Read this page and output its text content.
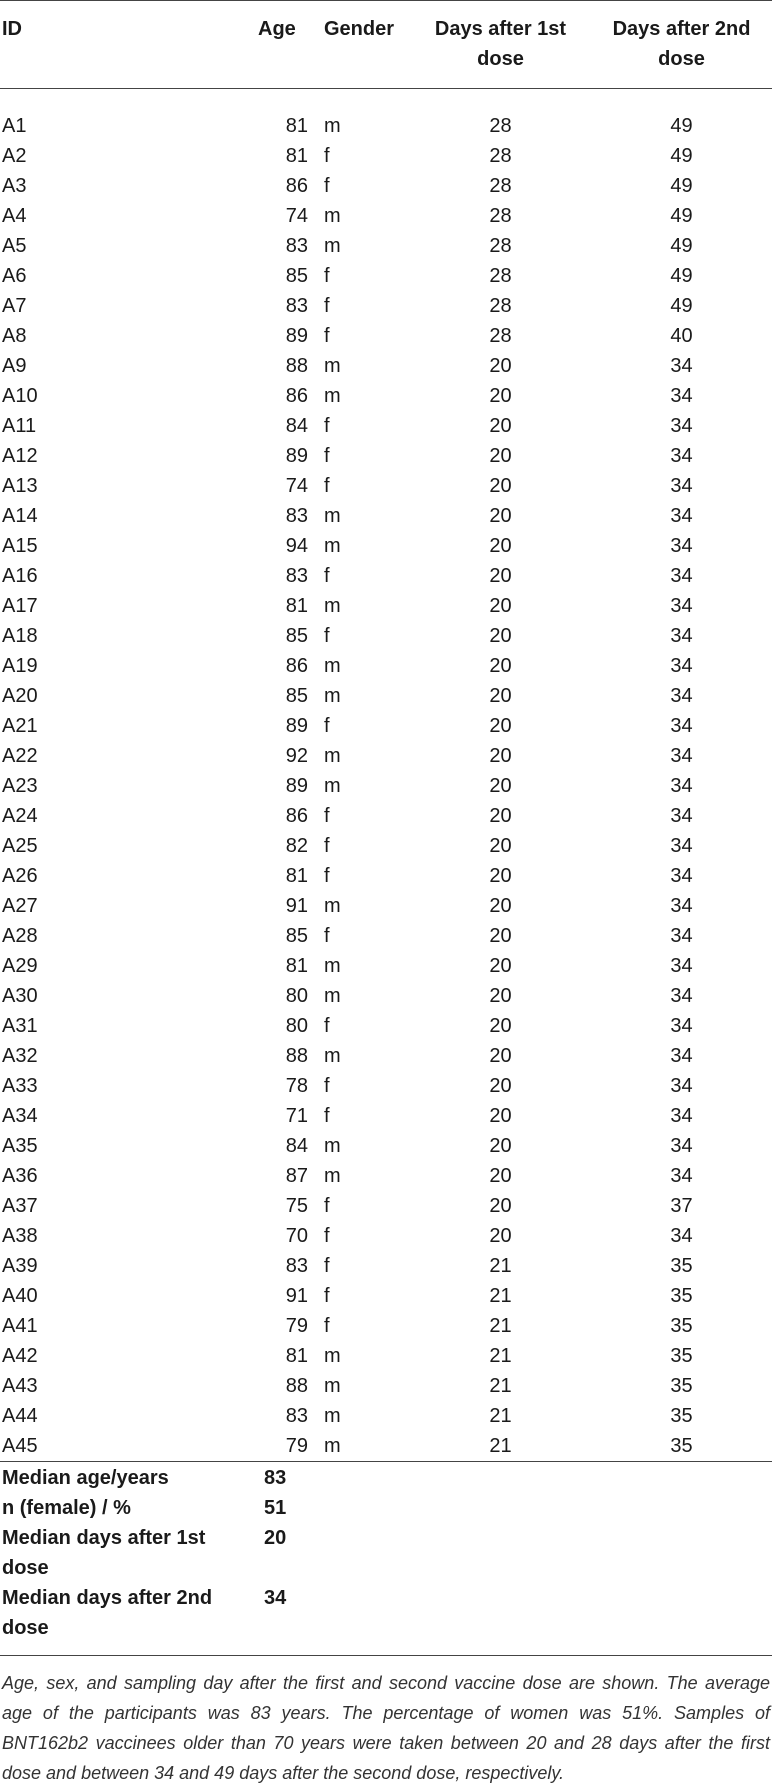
ID	Age	Gender	Days after 1st dose	Days after 2nd dose
A1	81	m	28	49
A2	81	f	28	49
A3	86	f	28	49
A4	74	m	28	49
A5	83	m	28	49
A6	85	f	28	49
A7	83	f	28	49
A8	89	f	28	40
A9	88	m	20	34
A10	86	m	20	34
A11	84	f	20	34
A12	89	f	20	34
A13	74	f	20	34
A14	83	m	20	34
A15	94	m	20	34
A16	83	f	20	34
A17	81	m	20	34
A18	85	f	20	34
A19	86	m	20	34
A20	85	m	20	34
A21	89	f	20	34
A22	92	m	20	34
A23	89	m	20	34
A24	86	f	20	34
A25	82	f	20	34
A26	81	f	20	34
A27	91	m	20	34
A28	85	f	20	34
A29	81	m	20	34
A30	80	m	20	34
A31	80	f	20	34
A32	88	m	20	34
A33	78	f	20	34
A34	71	f	20	34
A35	84	m	20	34
A36	87	m	20	34
A37	75	f	20	37
A38	70	f	20	34
A39	83	f	21	35
A40	91	f	21	35
A41	79	f	21	35
A42	81	m	21	35
A43	88	m	21	35
A44	83	m	21	35
A45	79	m	21	35
Median age/years	83			
n (female) / %	51			
Median days after 1st dose	20			
Median days after 2nd dose	34			

Age, sex, and sampling day after the first and second vaccine dose are shown. The average age of the participants was 83 years. The percentage of women was 51%. Samples of BNT162b2 vaccinees older than 70 years were taken between 20 and 28 days after the first dose and between 34 and 49 days after the second dose, respectively.
